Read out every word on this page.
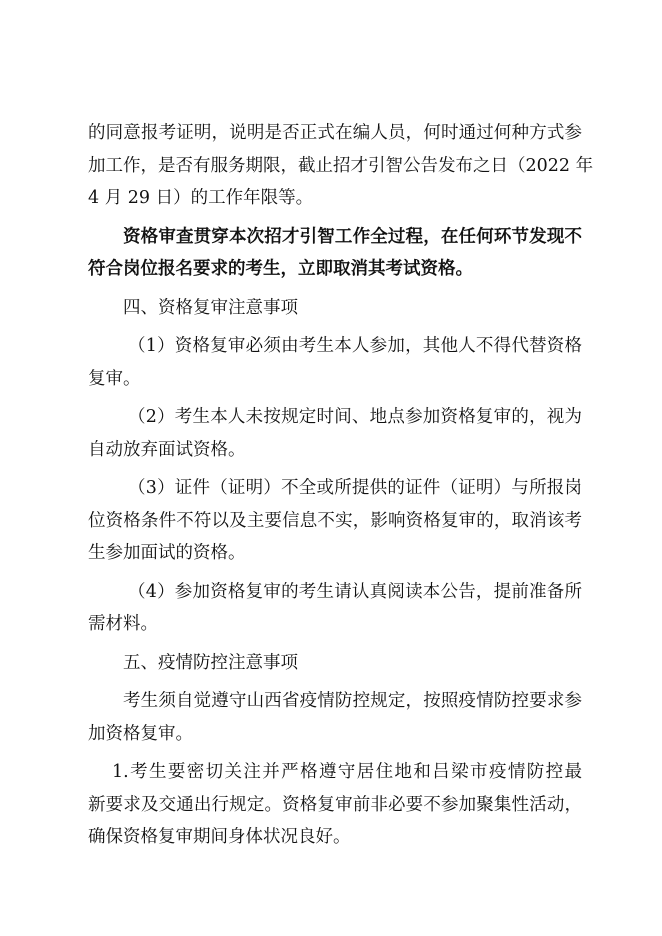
的同意报考证明，说明是否正式在编人员，何时通过何种方式参
加工作，是否有服务期限，截止招才引智公告发布之日（2022 年
4 月 29 日）的工作年限等。
资格审查贯穿本次招才引智工作全过程，在任何环节发现不
符合岗位报名要求的考生，立即取消其考试资格。
四、资格复审注意事项
（1）资格复审必须由考生本人参加，其他人不得代替资格
复审。
（2）考生本人未按规定时间、地点参加资格复审的，视为
自动放弃面试资格。
（3）证件（证明）不全或所提供的证件（证明）与所报岗
位资格条件不符以及主要信息不实，影响资格复审的，取消该考
生参加面试的资格。
（4）参加资格复审的考生请认真阅读本公告，提前准备所
需材料。
五、疫情防控注意事项
考生须自觉遵守山西省疫情防控规定，按照疫情防控要求参
加资格复审。
1.考生要密切关注并严格遵守居住地和吕梁市疫情防控最
新要求及交通出行规定。资格复审前非必要不参加聚集性活动，
确保资格复审期间身体状况良好。
